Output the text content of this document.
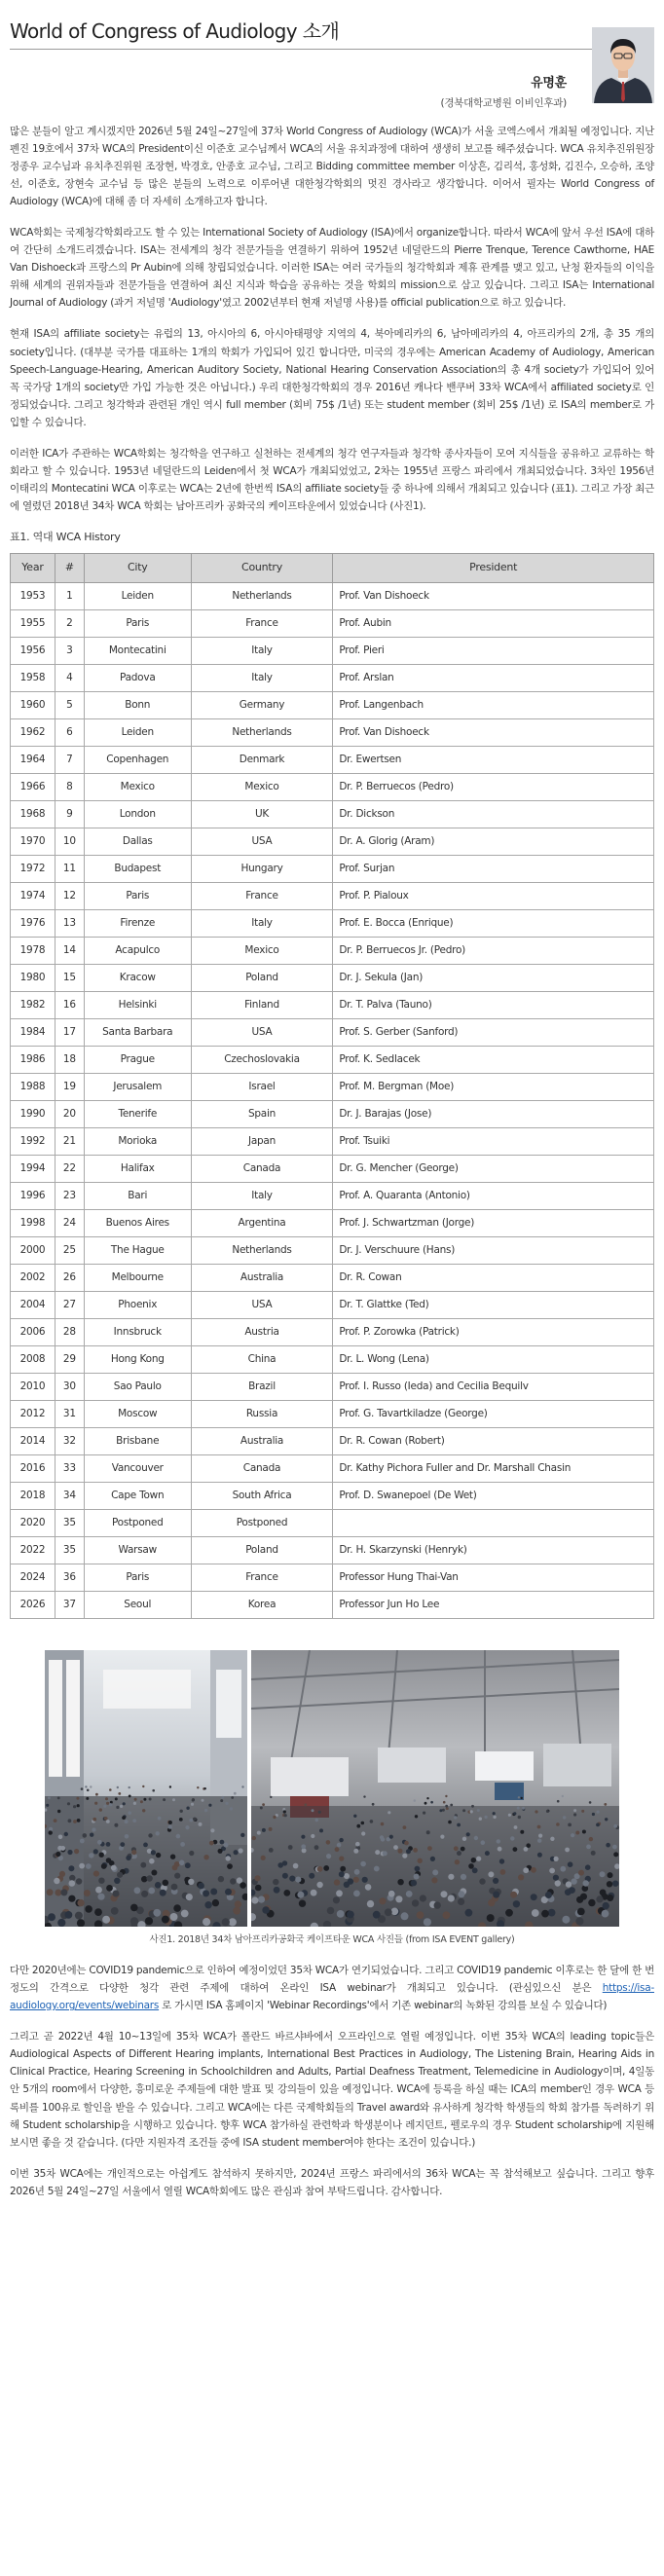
World of Congress of Audiology 소개
유명훈
(경북대학교병원 이비인후과)

많은 분들이 알고 계시겠지만 2026년 5월 24일~27일에 37차 World Congress of Audiology (WCA)가 서울 코엑스에서 개최될 예정입니다. 지난 펜진 19호에서 37차 WCA의 President이신 이준호 교수님께서 WCA의 서울 유치과정에 대하여 생생히 보고를 해주셨습니다. WCA 유치추진위원장 정종우 교수님과 유치추진위원 조장현, 박경호, 안종호 교수님, 그리고 Bidding committee member 이상흔, 김리석, 홍성화, 김진수, 오승하, 조양선, 이준호, 장현숙 교수님 등 많은 분들의 노력으로 이루어낸 대한청각학회의 멋진 경사라고 생각합니다. 이어서 필자는 World Congress of Audiology (WCA)에 대해 좀 더 자세히 소개하고자 합니다.

WCA학회는 국제청각학회라고도 할 수 있는 International Society of Audiology (ISA)에서 organize합니다. 따라서 WCA에 앞서 우선 ISA에 대하여 간단히 소개드리겠습니다. ISA는 전세계의 청각 전문가들을 연결하기 위하여 1952년 네덜란드의 Pierre Trenque, Terence Cawthorne, HAE Van Dishoeck과 프랑스의 Pr Aubin에 의해 창립되었습니다. 이러한 ISA는 여러 국가들의 청각학회과 제휴 관계를 맺고 있고, 난청 환자들의 이익을 위해 세계의 권위자들과 전문가들을 연결하여 최신 지식과 학습을 공유하는 것을 학회의 mission으로 삼고 있습니다. 그리고 ISA는 International Journal of Audiology (과거 저널명 'Audiology'였고 2002년부터 현재 저널명 사용)를 official publication으로 하고 있습니다.

현재 ISA의 affiliate society는 유럽의 13, 아시아의 6, 아시아태평양 지역의 4, 북아메리카의 6, 남아메리카의 4, 아프리카의 2개, 총 35 개의 society입니다. (대부분 국가를 대표하는 1개의 학회가 가입되어 있긴 합니다만, 미국의 경우에는 American Academy of Audiology, American Speech-Language-Hearing, American Auditory Society, National Hearing Conservation Association의 총 4개 society가 가입되어 있어 꼭 국가당 1개의 society만 가입 가능한 것은 아닙니다.) 우리 대한청각학회의 경우 2016년 캐나다 밴쿠버 33차 WCA에서 affiliated society로 인정되었습니다. 그리고 청각학과 관련된 개인 역시 full member (회비 75$ /1년) 또는 student member (회비 25$ /1년) 로 ISA의 member로 가입할 수 있습니다.

이러한 ICA가 주관하는 WCA학회는 청각학을 연구하고 실천하는 전세계의 청각 연구자들과 청각학 종사자들이 모여 지식들을 공유하고 교류하는 학회라고 할 수 있습니다. 1953년 네덜란드의 Leiden에서 첫 WCA가 개최되었었고, 2차는 1955년 프랑스 파리에서 개최되었습니다. 3차인 1956년 이태리의 Montecatini WCA 이후로는 WCA는 2년에 한번씩 ISA의 affiliate society들 중 하나에 의해서 개최되고 있습니다 (표1). 그리고 가장 최근에 열렸던 2018년 34차 WCA 학회는 남아프리카 공화국의 케이프타운에서 있었습니다 (사진1).

표1. 역대 WCA History
Year	#	City	Country	President
1953	1	Leiden	Netherlands	Prof. Van Dishoeck
1955	2	Paris	France	Prof. Aubin
1956	3	Montecatini	Italy	Prof. Pieri
1958	4	Padova	Italy	Prof. Arslan
1960	5	Bonn	Germany	Prof. Langenbach
1962	6	Leiden	Netherlands	Prof. Van Dishoeck
1964	7	Copenhagen	Denmark	Dr. Ewertsen
1966	8	Mexico	Mexico	Dr. P. Berruecos (Pedro)
1968	9	London	UK	Dr. Dickson
1970	10	Dallas	USA	Dr. A. Glorig (Aram)
1972	11	Budapest	Hungary	Prof. Surjan
1974	12	Paris	France	Prof. P. Pialoux
1976	13	Firenze	Italy	Prof. E. Bocca (Enrique)
1978	14	Acapulco	Mexico	Dr. P. Berruecos Jr. (Pedro)
1980	15	Kracow	Poland	Dr. J. Sekula (Jan)
1982	16	Helsinki	Finland	Dr. T. Palva (Tauno)
1984	17	Santa Barbara	USA	Prof. S. Gerber (Sanford)
1986	18	Prague	Czechoslovakia	Prof. K. Sedlacek
1988	19	Jerusalem	Israel	Prof. M. Bergman (Moe)
1990	20	Tenerife	Spain	Dr. J. Barajas (Jose)
1992	21	Morioka	Japan	Prof. Tsuiki
1994	22	Halifax	Canada	Dr. G. Mencher (George)
1996	23	Bari	Italy	Prof. A. Quaranta (Antonio)
1998	24	Buenos Aires	Argentina	Prof. J. Schwartzman (Jorge)
2000	25	The Hague	Netherlands	Dr. J. Verschuure (Hans)
2002	26	Melbourne	Australia	Dr. R. Cowan
2004	27	Phoenix	USA	Dr. T. Glattke (Ted)
2006	28	Innsbruck	Austria	Prof. P. Zorowka (Patrick)
2008	29	Hong Kong	China	Dr. L. Wong (Lena)
2010	30	Sao Paulo	Brazil	Prof. I. Russo (Ieda) and Cecilia Bequilv
2012	31	Moscow	Russia	Prof. G. Tavartkiladze (George)
2014	32	Brisbane	Australia	Dr. R. Cowan (Robert)
2016	33	Vancouver	Canada	Dr. Kathy Pichora Fuller and Dr. Marshall Chasin
2018	34	Cape Town	South Africa	Prof. D. Swanepoel (De Wet)
2020	35	Postponed	Postponed	
2022	35	Warsaw	Poland	Dr. H. Skarzynski (Henryk)
2024	36	Paris	France	Professor Hung Thai-Van
2026	37	Seoul	Korea	Professor Jun Ho Lee
사진1. 2018년 34차 남아프리카공화국 케이프타운 WCA 사진들 (from ISA EVENT gallery)

다만 2020년에는 COVID19 pandemic으로 인하여 예정이었던 35차 WCA가 연기되었습니다. 그리고 COVID19 pandemic 이후로는 한 달에 한 번 정도의 간격으로 다양한 청각 관련 주제에 대하여 온라인 ISA webinar가 개최되고 있습니다. (관심있으신 분은 https://isa-audiology.org/events/webinars 로 가시면 ISA 홈페이지 'Webinar Recordings'에서 기존 webinar의 녹화된 강의를 보실 수 있습니다)

그리고 곧 2022년 4월 10~13일에 35차 WCA가 폴란드 바르샤바에서 오프라인으로 열릴 예정입니다. 이번 35차 WCA의 leading topic들은 Audiological Aspects of Different Hearing implants, International Best Practices in Audiology, The Listening Brain, Hearing Aids in Clinical Practice, Hearing Screening in Schoolchildren and Adults, Partial Deafness Treatment, Telemedicine in Audiology이며, 4일동안 5개의 room에서 다양한, 흥미로운 주제들에 대한 발표 및 강의들이 있을 예정입니다. WCA에 등록을 하실 때는 ICA의 member인 경우 WCA 등록비를 100유로 할인을 받을 수 있습니다. 그리고 WCA에는 다른 국제학회들의 Travel award와 유사하게 청각학 학생들의 학회 참가를 독려하기 위해 Student scholarship을 시행하고 있습니다. 향후 WCA 참가하실 관련학과 학생분이나 레지던트, 펠로우의 경우 Student scholarship에 지원해보시면 좋을 것 같습니다. (다만 지원자격 조건들 중에 ISA student member여야 한다는 조건이 있습니다.)

이번 35차 WCA에는 개인적으로는 아쉽게도 참석하지 못하지만, 2024년 프랑스 파리에서의 36차 WCA는 꼭 참석해보고 싶습니다. 그리고 향후 2026년 5월 24일~27일 서울에서 열릴 WCA학회에도 많은 관심과 참여 부탁드립니다. 감사합니다.
